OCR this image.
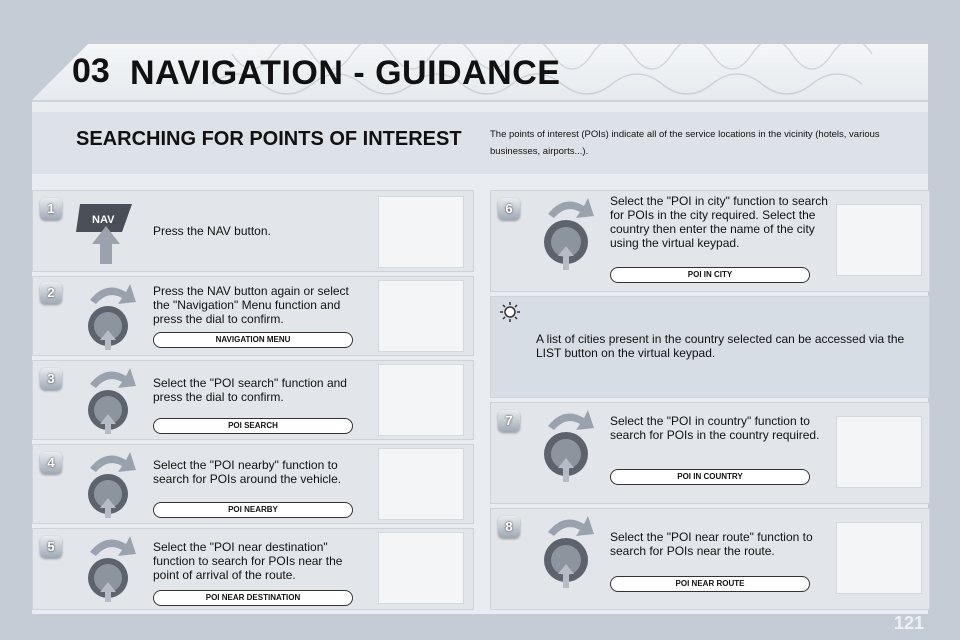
03 NAVIGATION - GUIDANCE
SEARCHING FOR POINTS OF INTEREST	The points of interest (POIs) indicate all of the service locations in the vicinity (hotels, various businesses, airports...).
1
NAV
Press the NAV button.
2	Press the NAV button again or select the "Navigation" Menu function and press the dial to confirm.
NAVIGATION MENU
3	Select the "POI search" function and press the dial to confirm.
POI SEARCH
4	Select the "POI nearby" function to search for POIs around the vehicle.
POI NEARBY
5	Select the "POI near destination" function to search for POIs near the point of arrival of the route.
POI NEAR DESTINATION
6	Select the "POI in city" function to search for POIs in the city required. Select the country then enter the name of the city using the virtual keypad.
POI IN CITY
A list of cities present in the country selected can be accessed via the LIST button on the virtual keypad.
7	Select the "POI in country" function to search for POIs in the country required.
POI IN COUNTRY
8
Select the "POI near route" function to search for POIs near the route.
POI NEAR ROUTE
121
